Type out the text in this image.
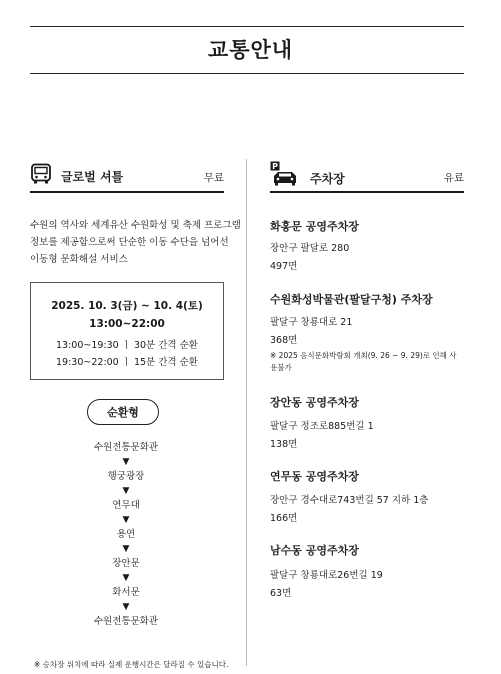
교통안내
글로벌 셔틀	무료
수원의 역사와 세계유산 수원화성 및 축제 프로그램
정보를 제공함으로써 단순한 이동 수단을 넘어선
이동형 문화해설 서비스
2025. 10. 3(금) ~ 10. 4(토)
13:00~22:00
13:00~19:30 ㅣ 30분 간격 순환
19:30~22:00 ㅣ 15분 간격 순환
순환형
수원전통문화관
▼
행궁광장
▼
연무대
▼
용연
▼
장안문
▼
화서문
▼
수원전통문화관
※ 승차장 위치에 따라 실제 운행시간은 달라질 수 있습니다.
P
주차장	유료
화홍문 공영주차장
장안구 팔달로 280
497면
수원화성박물관(팔달구청) 주차장
팔달구 창룡대로 21
368면
※ 2025 음식문화박람회 개최(9. 26 ~ 9. 29)로 인해 사용불가
장안동 공영주차장
팔달구 정조로885번길 1
138면
연무동 공영주차장
장안구 경수대로743번길 57 지하 1층
166면
남수동 공영주차장
팔달구 창룡대로26번길 19
63면
